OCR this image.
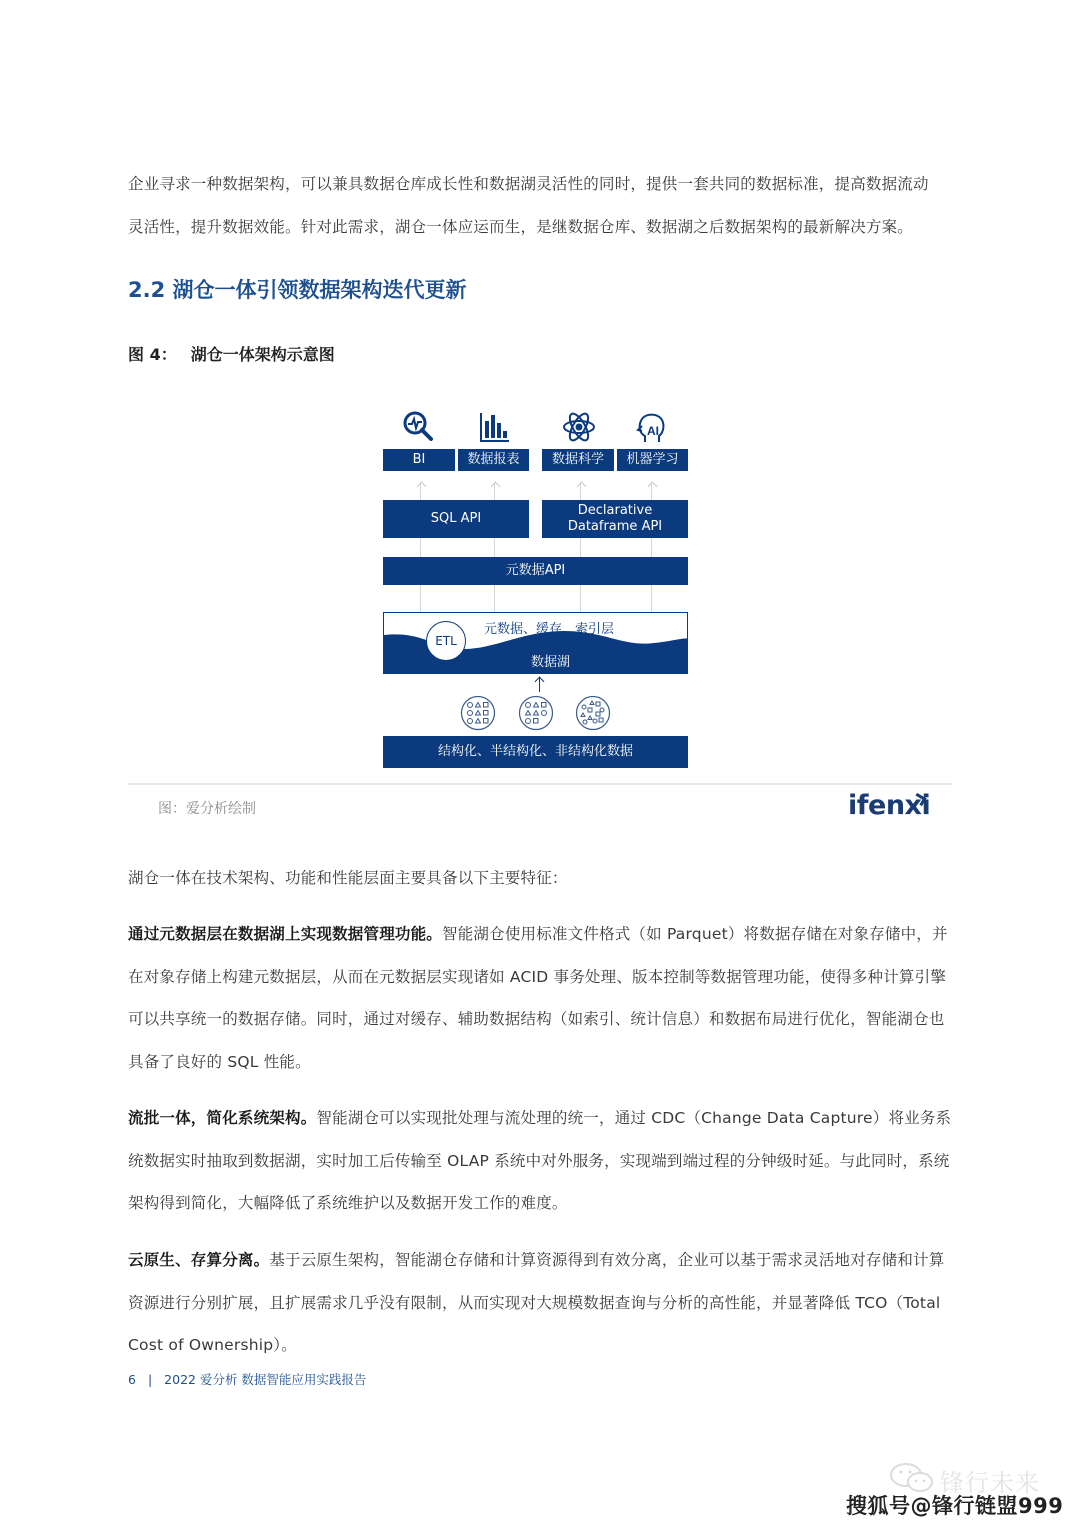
企业寻求一种数据架构，可以兼具数据仓库成长性和数据湖灵活性的同时，提供一套共同的数据标准，提高数据流动
灵活性，提升数据效能。针对此需求，湖仓一体应运而生，是继数据仓库、数据湖之后数据架构的最新解决方案。
2.2 湖仓一体引领数据架构迭代更新
图 4： 湖仓一体架构示意图
AI
BI	数据报表	数据科学	机器学习
SQL API
Declarative
Dataframe API
元数据API
ETL
元数据、缓存、索引层
数据湖
结构化、半结构化、非结构化数据
图：爱分析绘制	ifenxi
湖仓一体在技术架构、功能和性能层面主要具备以下主要特征：
通过元数据层在数据湖上实现数据管理功能。智能湖仓使用标准文件格式（如 Parquet）将数据存储在对象存储中，并在对象存储上构建元数据层，从而在元数据层实现诸如 ACID 事务处理、版本控制等数据管理功能，使得多种计算引擎可以共享统一的数据存储。同时，通过对缓存、辅助数据结构（如索引、统计信息）和数据布局进行优化，智能湖仓也具备了良好的 SQL 性能。
流批一体，简化系统架构。智能湖仓可以实现批处理与流处理的统一，通过 CDC（Change Data Capture）将业务系统数据实时抽取到数据湖，实时加工后传输至 OLAP 系统中对外服务，实现端到端过程的分钟级时延。与此同时，系统架构得到简化，大幅降低了系统维护以及数据开发工作的难度。
云原生、存算分离。基于云原生架构，智能湖仓存储和计算资源得到有效分离，企业可以基于需求灵活地对存储和计算资源进行分别扩展，且扩展需求几乎没有限制，从而实现对大规模数据查询与分析的高性能，并显著降低 TCO（Total Cost of Ownership）。
6 | 2022 爱分析 数据智能应用实践报告
锋行未来
搜狐号@锋行链盟999
